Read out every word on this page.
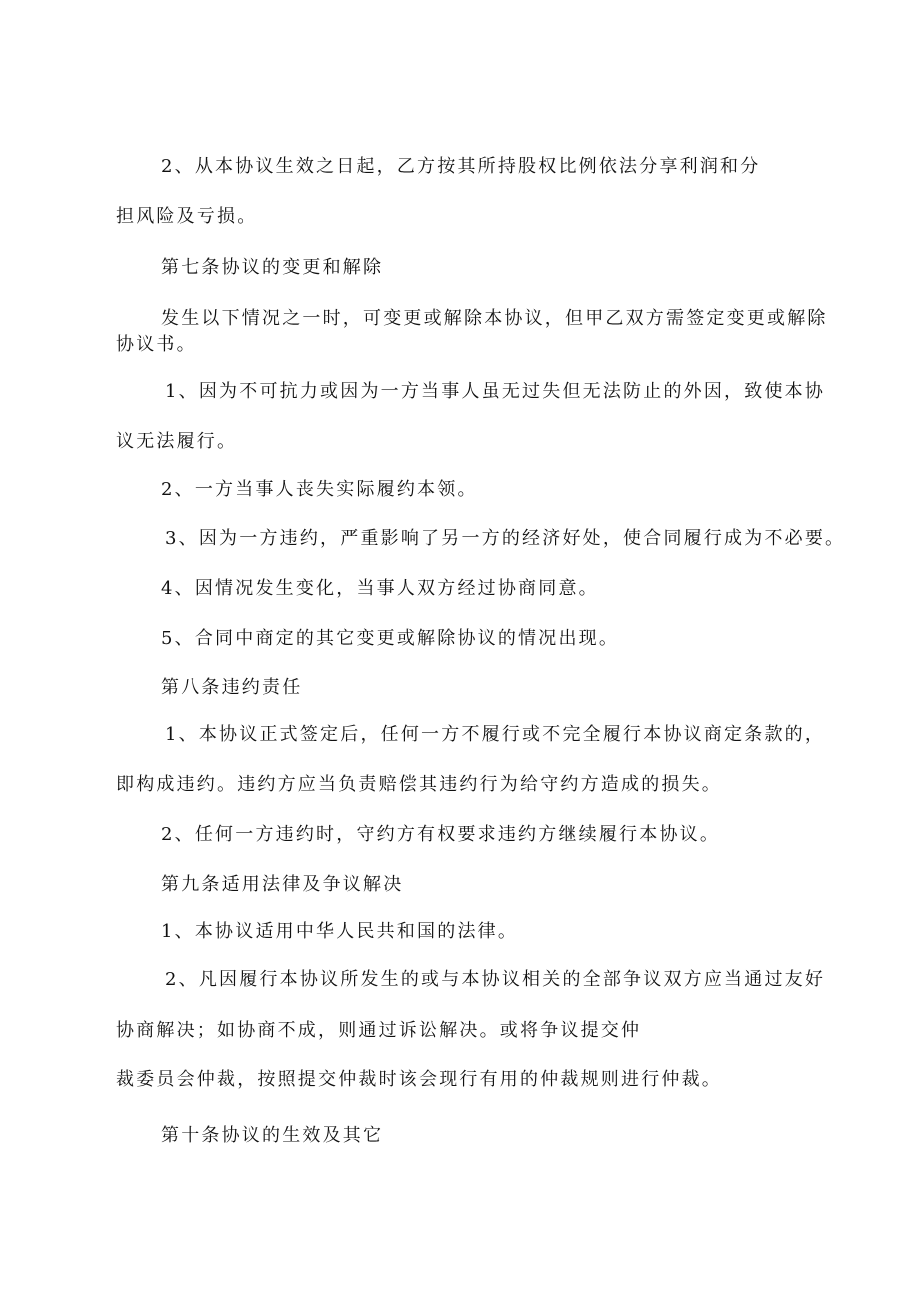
2、从本协议生效之日起，乙方按其所持股权比例依法分享利润和分
担风险及亏损。
第七条协议的变更和解除
发生以下情况之一时，可变更或解除本协议，但甲乙双方需签定变更或解除
协议书。
1、因为不可抗力或因为一方当事人虽无过失但无法防止的外因，致使本协
议无法履行。
2、一方当事人丧失实际履约本领。
3、因为一方违约，严重影响了另一方的经济好处，使合同履行成为不必要。
4、因情况发生变化，当事人双方经过协商同意。
5、合同中商定的其它变更或解除协议的情况出现。
第八条违约责任
1、本协议正式签定后，任何一方不履行或不完全履行本协议商定条款的，
即构成违约。违约方应当负责赔偿其违约行为给守约方造成的损失。
2、任何一方违约时，守约方有权要求违约方继续履行本协议。
第九条适用法律及争议解决
1、本协议适用中华人民共和国的法律。
2、凡因履行本协议所发生的或与本协议相关的全部争议双方应当通过友好
协商解决；如协商不成，则通过诉讼解决。或将争议提交仲
裁委员会仲裁，按照提交仲裁时该会现行有用的仲裁规则进行仲裁。
第十条协议的生效及其它
